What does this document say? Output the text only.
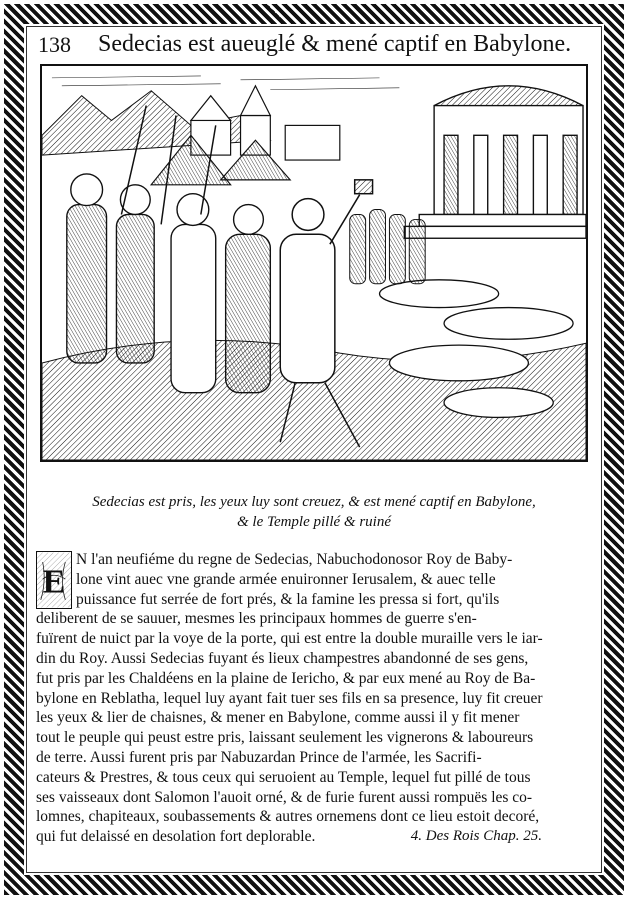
138 Sedecias est aueuglé & mené captif en Babylone.
Sedecias est pris, les yeux luy sont creuez, & est mené captif en Babylone,
& le Temple pillé & ruiné
E
N l'an neufiéme du regne de Sedecias, Nabuchodonosor Roy de Baby-
lone vint auec vne grande armée enuironner Ierusalem, & auec telle
puissance fut serrée de fort prés, & la famine les pressa si fort, qu'ils
deliberent de se sauuer, mesmes les principaux hommes de guerre s'en-
fuïrent de nuict par la voye de la porte, qui est entre la double muraille vers le iar-
din du Roy. Aussi Sedecias fuyant és lieux champestres abandonné de ses gens,
fut pris par les Chaldéens en la plaine de Iericho, & par eux mené au Roy de Ba-
bylone en Reblatha, lequel luy ayant fait tuer ses fils en sa presence, luy fit creuer
les yeux & lier de chaisnes, & mener en Babylone, comme aussi il y fit mener
tout le peuple qui peust estre pris, laissant seulement les vignerons & laboureurs
de terre. Aussi furent pris par Nabuzardan Prince de l'armée, les Sacrifi-
cateurs & Prestres, & tous ceux qui seruoient au Temple, lequel fut pillé de tous
ses vaisseaux dont Salomon l'auoit orné, & de furie furent aussi rompuës les co-
lomnes, chapiteaux, soubassements & autres ornemens dont ce lieu estoit decoré,
qui fut delaissé en desolation fort deplorable.	4. Des Rois Chap. 25.
